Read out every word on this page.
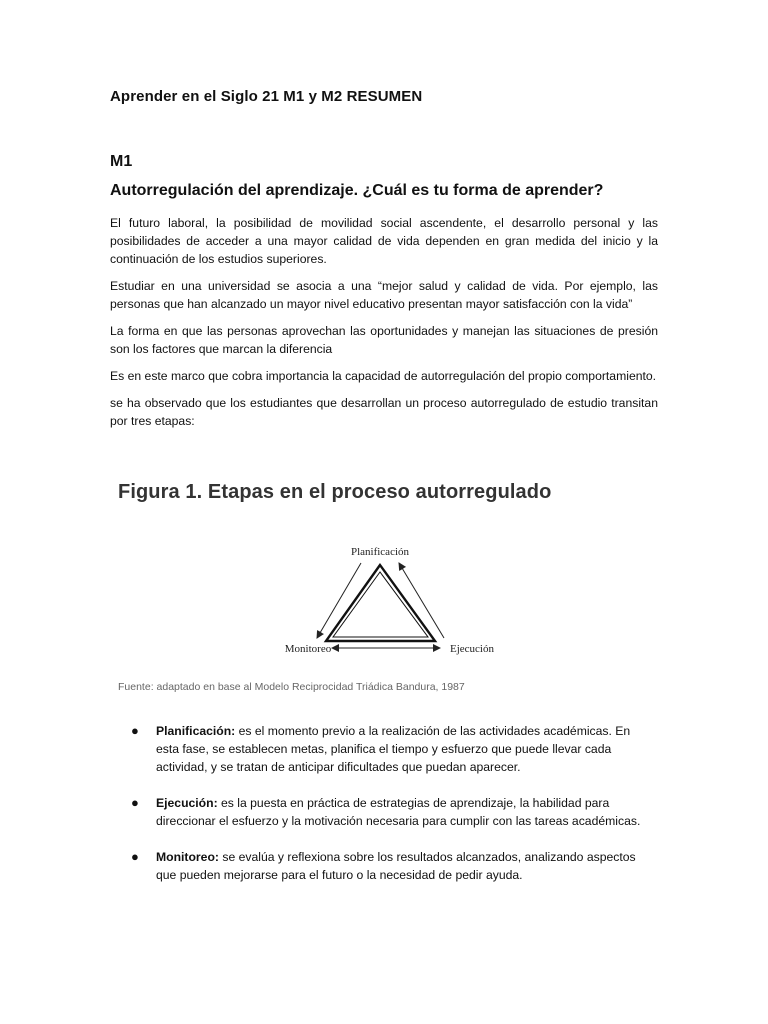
Aprender en el Siglo 21 M1 y M2 RESUMEN
M1
Autorregulación del aprendizaje. ¿Cuál es tu forma de aprender?

El futuro laboral, la posibilidad de movilidad social ascendente, el desarrollo personal y las posibilidades de acceder a una mayor calidad de vida dependen en gran medida del inicio y la continuación de los estudios superiores.

Estudiar en una universidad se asocia a una “mejor salud y calidad de vida. Por ejemplo, las personas que han alcanzado un mayor nivel educativo presentan mayor satisfacción con la vida”

La forma en que las personas aprovechan las oportunidades y manejan las situaciones de presión son los factores que marcan la diferencia

Es en este marco que cobra importancia la capacidad de autorregulación del propio comportamiento.

se ha observado que los estudiantes que desarrollan un proceso autorregulado de estudio transitan por tres etapas:

Figura 1. Etapas en el proceso autorregulado
Planificación
Monitoreo	Ejecución
Fuente: adaptado en base al Modelo Reciprocidad Triádica Bandura, 1987
● Planificación: es el momento previo a la realización de las actividades académicas. En esta fase, se establecen metas, planifica el tiempo y esfuerzo que puede llevar cada actividad, y se tratan de anticipar dificultades que puedan aparecer.
● Ejecución: es la puesta en práctica de estrategias de aprendizaje, la habilidad para direccionar el esfuerzo y la motivación necesaria para cumplir con las tareas académicas.
● Monitoreo: se evalúa y reflexiona sobre los resultados alcanzados, analizando aspectos que pueden mejorarse para el futuro o la necesidad de pedir ayuda.
